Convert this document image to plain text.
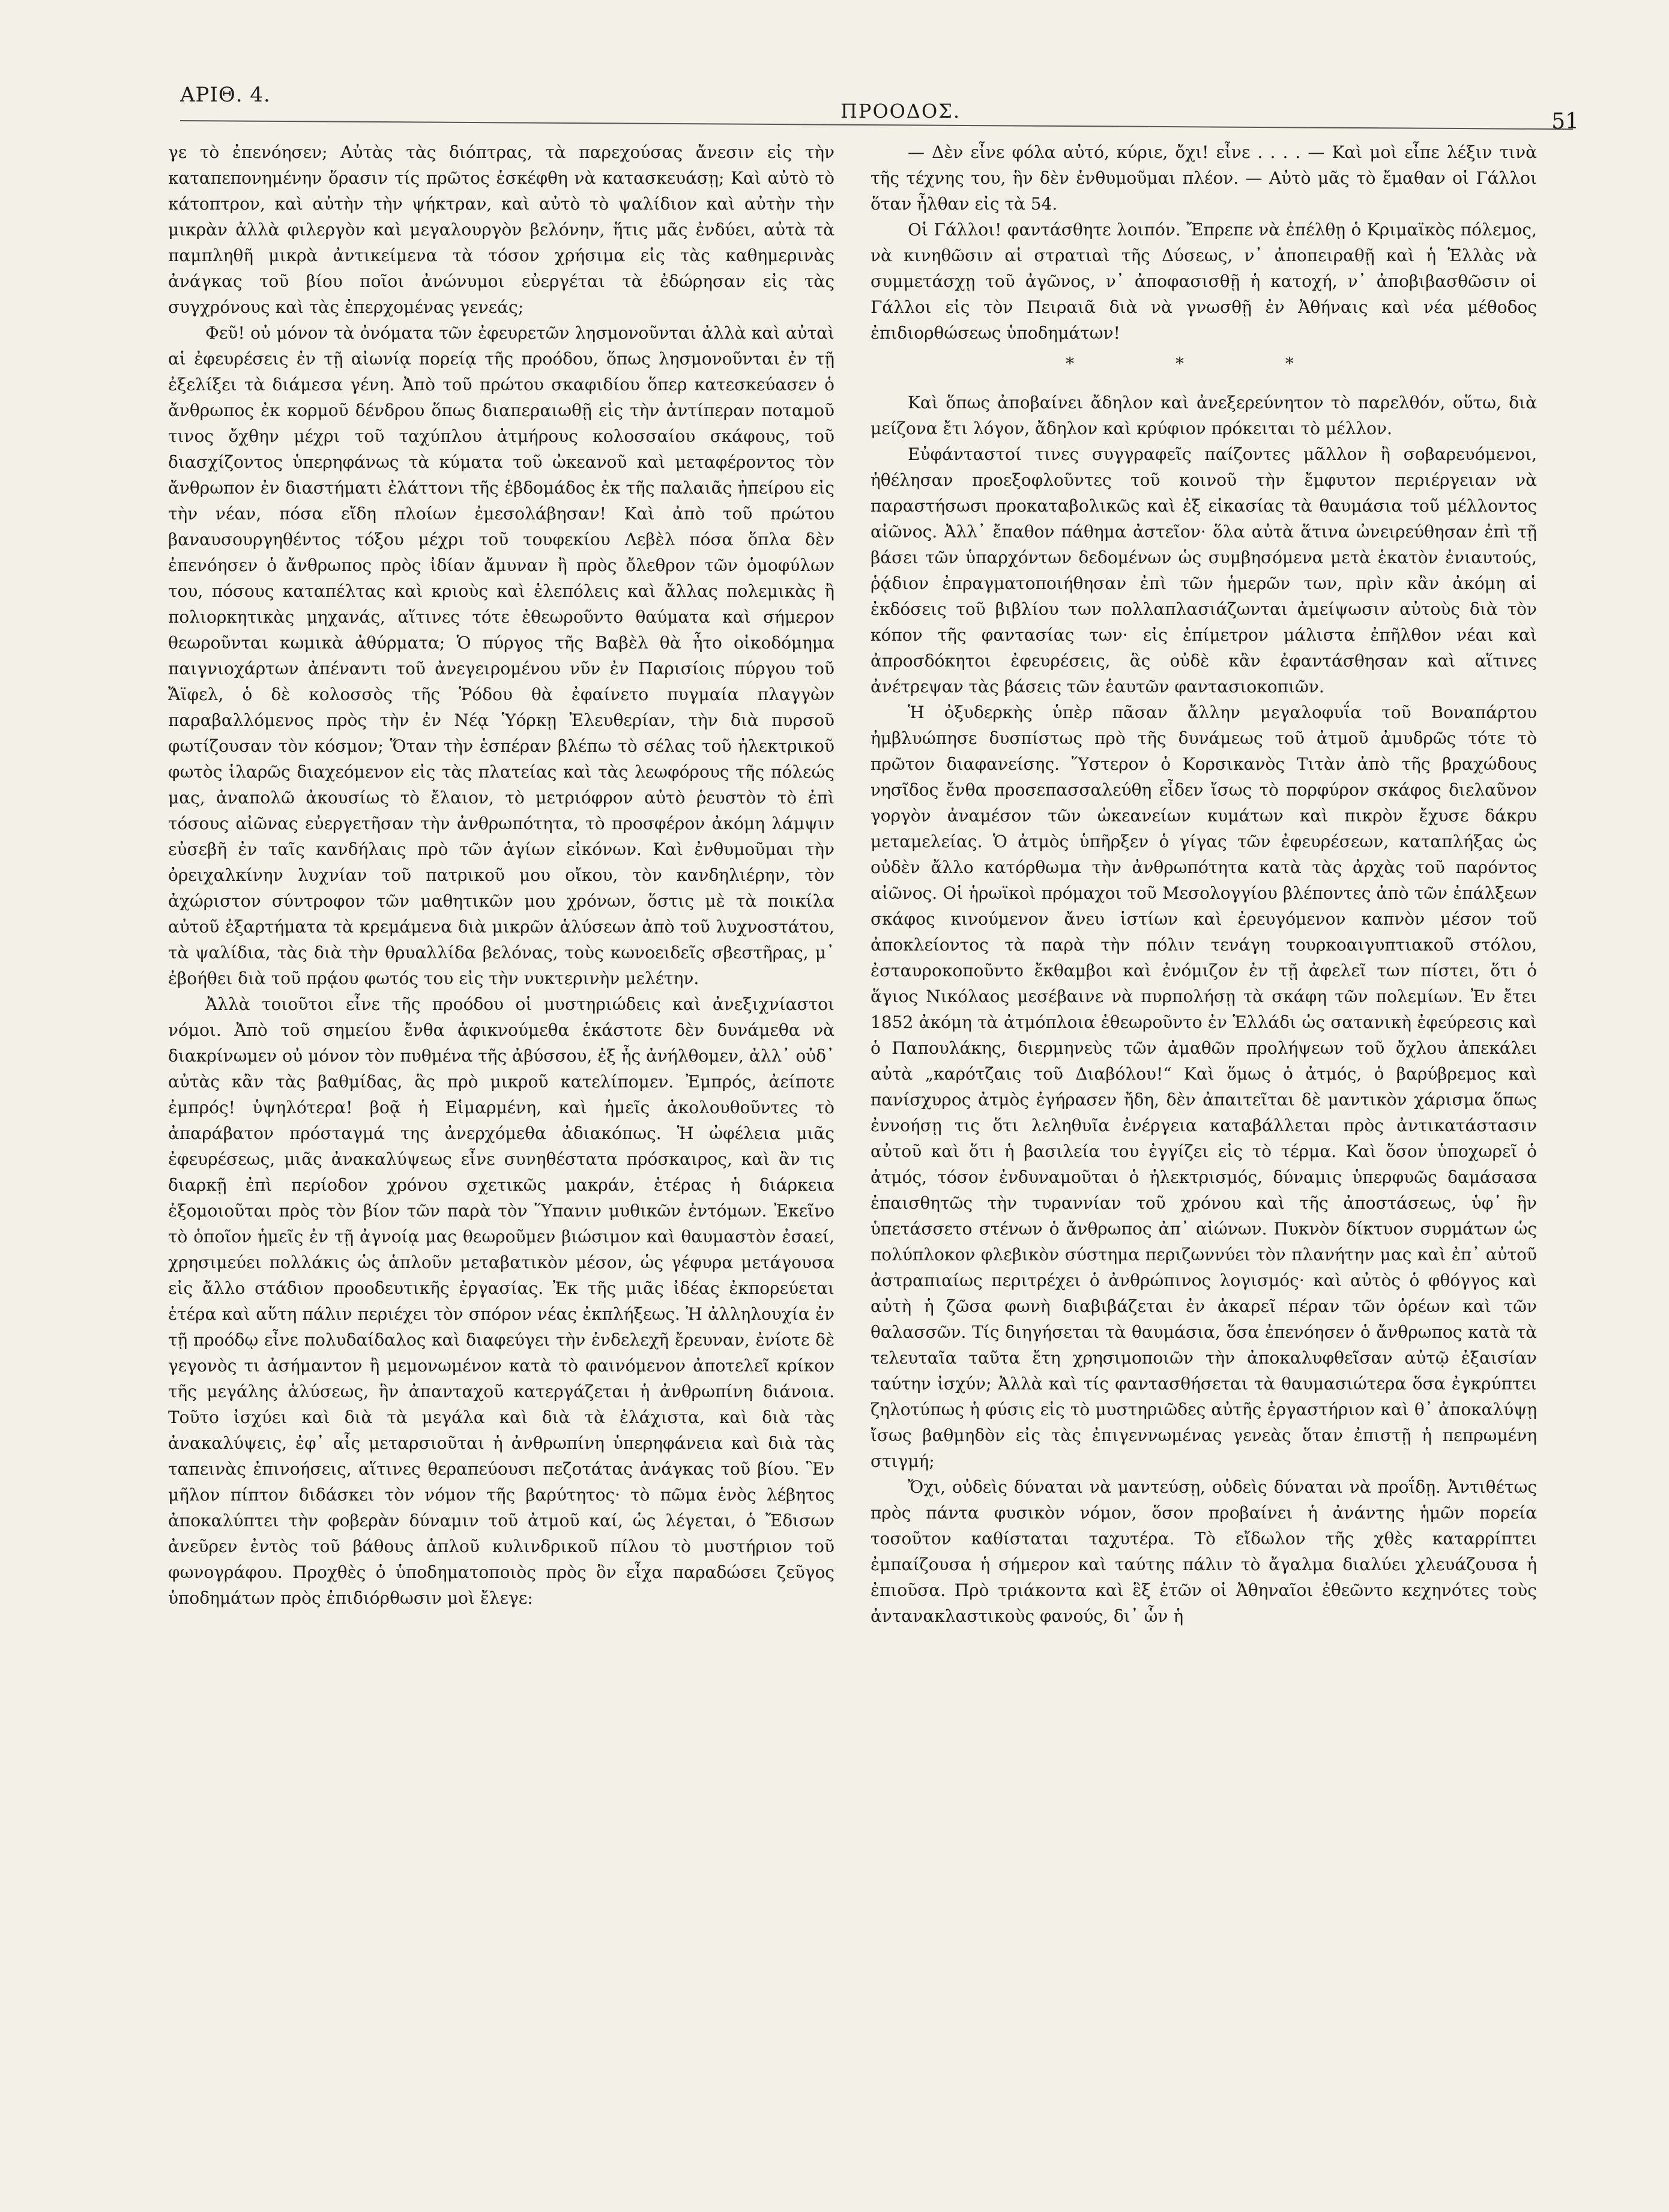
ΑΡΙΘ. 4.
ΠΡΟΟΔΟΣ.	51

γε τὸ ἐπενόησεν; Αὐτὰς τὰς διόπτρας, τὰ παρεχούσας ἄνεσιν εἰς τὴν καταπεπονημένην ὅρασιν τίς πρῶτος ἐσκέφθη νὰ κατασκευάσῃ; Καὶ αὐτὸ τὸ κάτοπτρον, καὶ αὐτὴν τὴν ψήκτραν, καὶ αὐτὸ τὸ ψαλίδιον καὶ αὐτὴν τὴν μικρὰν ἀλλὰ φιλεργὸν καὶ μεγαλουργὸν βελόνην, ἥτις μᾶς ἐνδύει, αὐτὰ τὰ παμπληθῆ μικρὰ ἀντικείμενα τὰ τόσον χρήσιμα εἰς τὰς καθημερινὰς ἀνάγκας τοῦ βίου ποῖοι ἀνώνυμοι εὐεργέται τὰ ἐδώρησαν εἰς τὰς συγχρόνους καὶ τὰς ἐπερχομένας γενεάς;

Φεῦ! οὐ μόνον τὰ ὀνόματα τῶν ἐφευρετῶν λησμονοῦνται ἀλλὰ καὶ αὐταὶ αἱ ἐφευρέσεις ἐν τῇ αἰωνίᾳ πορείᾳ τῆς προόδου, ὅπως λησμονοῦνται ἐν τῇ ἐξελίξει τὰ διάμεσα γένη. Ἀπὸ τοῦ πρώτου σκαφιδίου ὅπερ κατεσκεύασεν ὁ ἄνθρωπος ἐκ κορμοῦ δένδρου ὅπως διαπεραιωθῇ εἰς τὴν ἀντίπεραν ποταμοῦ τινος ὄχθην μέχρι τοῦ ταχύπλου ἀτμήρους κολοσσαίου σκάφους, τοῦ διασχίζοντος ὑπερηφάνως τὰ κύματα τοῦ ὠκεανοῦ καὶ μεταφέροντος τὸν ἄνθρωπον ἐν διαστήματι ἐλάττονι τῆς ἑβδομάδος ἐκ τῆς παλαιᾶς ἠπείρου εἰς τὴν νέαν, πόσα εἴδη πλοίων ἐμεσολάβησαν! Καὶ ἀπὸ τοῦ πρώτου βαναυσουργηθέντος τόξου μέχρι τοῦ τουφεκίου Λεβὲλ πόσα ὅπλα δὲν ἐπενόησεν ὁ ἄνθρωπος πρὸς ἰδίαν ἄμυναν ἢ πρὸς ὄλεθρον τῶν ὁμοφύλων του, πόσους καταπέλτας καὶ κριοὺς καὶ ἑλεπόλεις καὶ ἄλλας πολεμικὰς ἢ πολιορκητικὰς μηχανάς, αἵτινες τότε ἐθεωροῦντο θαύματα καὶ σήμερον θεωροῦνται κωμικὰ ἀθύρματα; Ὁ πύργος τῆς Βαβὲλ θὰ ἦτο οἰκοδόμημα παιγνιοχάρτων ἀπέναντι τοῦ ἀνεγειρομένου νῦν ἐν Παρισίοις πύργου τοῦ Ἄϊφελ, ὁ δὲ κολοσσὸς τῆς Ῥόδου θὰ ἐφαίνετο πυγμαία πλαγγὼν παραβαλλόμενος πρὸς τὴν ἐν Νέᾳ Ὑόρκῃ Ἐλευθερίαν, τὴν διὰ πυρσοῦ φωτίζουσαν τὸν κόσμον; Ὅταν τὴν ἑσπέραν βλέπω τὸ σέλας τοῦ ἠλεκτρικοῦ φωτὸς ἱλαρῶς διαχεόμενον εἰς τὰς πλατείας καὶ τὰς λεωφόρους τῆς πόλεώς μας, ἀναπολῶ ἀκουσίως τὸ ἔλαιον, τὸ μετριόφρον αὐτὸ ῥευστὸν τὸ ἐπὶ τόσους αἰῶνας εὐεργετῆσαν τὴν ἀνθρωπότητα, τὸ προσφέρον ἀκόμη λάμψιν εὐσεβῆ ἐν ταῖς κανδήλαις πρὸ τῶν ἁγίων εἰκόνων. Καὶ ἐνθυμοῦμαι τὴν ὀρειχαλκίνην λυχνίαν τοῦ πατρικοῦ μου οἴκου, τὸν κανδηλιέρην, τὸν ἀχώριστον σύντροφον τῶν μαθητικῶν μου χρόνων, ὅστις μὲ τὰ ποικίλα αὐτοῦ ἐξαρτήματα τὰ κρεμάμενα διὰ μικρῶν ἁλύσεων ἀπὸ τοῦ λυχνοστάτου, τὰ ψαλίδια, τὰς διὰ τὴν θρυαλλίδα βελόνας, τοὺς κωνοειδεῖς σβεστῆρας, μ᾿ ἐβοήθει διὰ τοῦ πρᾴου φωτός του εἰς τὴν νυκτερινὴν μελέτην.

Ἀλλὰ τοιοῦτοι εἶνε τῆς προόδου οἱ μυστηριώδεις καὶ ἀνεξιχνίαστοι νόμοι. Ἀπὸ τοῦ σημείου ἔνθα ἀφικνούμεθα ἑκάστοτε δὲν δυνάμεθα νὰ διακρίνωμεν οὐ μόνον τὸν πυθμένα τῆς ἀβύσσου, ἐξ ἧς ἀνήλθομεν, ἀλλ᾿ οὐδ᾿ αὐτὰς κἂν τὰς βαθμίδας, ἃς πρὸ μικροῦ κατελίπομεν. Ἐμπρός, ἀείποτε ἐμπρός! ὑψηλότερα! βοᾷ ἡ Εἱμαρμένη, καὶ ἡμεῖς ἀκολουθοῦντες τὸ ἀπαράβατον πρόσταγμά της ἀνερχόμεθα ἀδιακόπως. Ἡ ὠφέλεια μιᾶς ἐφευρέσεως, μιᾶς ἀνακαλύψεως εἶνε συνηθέστατα πρόσκαιρος, καὶ ἂν τις διαρκῇ ἐπὶ περίοδον χρόνου σχετικῶς μακράν, ἑτέρας ἡ διάρκεια ἐξομοιοῦται πρὸς τὸν βίον τῶν παρὰ τὸν Ὕπανιν μυθικῶν ἐντόμων. Ἐκεῖνο τὸ ὁποῖον ἡμεῖς ἐν τῇ ἀγνοίᾳ μας θεωροῦμεν βιώσιμον καὶ θαυμαστὸν ἐσαεί, χρησιμεύει πολλάκις ὡς ἁπλοῦν μεταβατικὸν μέσον, ὡς γέφυρα μετάγουσα εἰς ἄλλο στάδιον προοδευτικῆς ἐργασίας. Ἐκ τῆς μιᾶς ἰδέας ἐκπορεύεται ἑτέρα καὶ αὕτη πάλιν περιέχει τὸν σπόρον νέας ἐκπλήξεως. Ἡ ἀλληλουχία ἐν τῇ προόδῳ εἶνε πολυδαίδαλος καὶ διαφεύγει τὴν ἐνδελεχῆ ἔρευναν, ἐνίοτε δὲ γεγονὸς τι ἀσήμαντον ἢ μεμονωμένον κατὰ τὸ φαινόμενον ἀποτελεῖ κρίκον τῆς μεγάλης ἁλύσεως, ἣν ἀπανταχοῦ κατεργάζεται ἡ ἀνθρωπίνη διάνοια. Τοῦτο ἰσχύει καὶ διὰ τὰ μεγάλα καὶ διὰ τὰ ἐλάχιστα, καὶ διὰ τὰς ἀνακαλύψεις, ἐφ᾿ αἷς μεταρσιοῦται ἡ ἀνθρωπίνη ὑπερηφάνεια καὶ διὰ τὰς ταπεινὰς ἐπινοήσεις, αἵτινες θεραπεύουσι πεζοτάτας ἀνάγκας τοῦ βίου. Ἓν μῆλον πίπτον διδάσκει τὸν νόμον τῆς βαρύτητος· τὸ πῶμα ἑνὸς λέβητος ἀποκαλύπτει τὴν φοβερὰν δύναμιν τοῦ ἀτμοῦ καί, ὡς λέγεται, ὁ Ἔδισων ἀνεῦρεν ἐντὸς τοῦ βάθους ἁπλοῦ κυλινδρικοῦ πίλου τὸ μυστήριον τοῦ φωνογράφου. Προχθὲς ὁ ὑποδηματοποιὸς πρὸς ὃν εἶχα παραδώσει ζεῦγος ὑποδημάτων πρὸς ἐπιδιόρθωσιν μοὶ ἔλεγε:

— Δὲν εἶνε φόλα αὐτό, κύριε, ὄχι! εἶνε . . . . — Καὶ μοὶ εἶπε λέξιν τινὰ τῆς τέχνης του, ἣν δὲν ἐνθυμοῦμαι πλέον. — Αὐτὸ μᾶς τὸ ἔμαθαν οἱ Γάλλοι ὅταν ἦλθαν εἰς τὰ 54.

Οἱ Γάλλοι! φαντάσθητε λοιπόν. Ἔπρεπε νὰ ἐπέλθῃ ὁ Κριμαϊκὸς πόλεμος, νὰ κινηθῶσιν αἱ στρατιαὶ τῆς Δύσεως, ν᾿ ἀποπειραθῇ καὶ ἡ Ἑλλὰς νὰ συμμετάσχῃ τοῦ ἀγῶνος, ν᾿ ἀποφασισθῇ ἡ κατοχή, ν᾿ ἀποβιβασθῶσιν οἱ Γάλλοι εἰς τὸν Πειραιᾶ διὰ νὰ γνωσθῇ ἐν Ἀθήναις καὶ νέα μέθοδος ἐπιδιορθώσεως ὑποδημάτων!

* * *

Καὶ ὅπως ἀποβαίνει ἄδηλον καὶ ἀνεξερεύνητον τὸ παρελθόν, οὕτω, διὰ μείζονα ἔτι λόγον, ἄδηλον καὶ κρύφιον πρόκειται τὸ μέλλον.

Εὐφάνταστοί τινες συγγραφεῖς παίζοντες μᾶλλον ἢ σοβαρευόμενοι, ἠθέλησαν προεξοφλοῦντες τοῦ κοινοῦ τὴν ἔμφυτον περιέργειαν νὰ παραστήσωσι προκαταβολικῶς καὶ ἐξ εἰκασίας τὰ θαυμάσια τοῦ μέλλοντος αἰῶνος. Ἀλλ᾿ ἔπαθον πάθημα ἀστεῖον· ὅλα αὐτὰ ἅτινα ὠνειρεύθησαν ἐπὶ τῇ βάσει τῶν ὑπαρχόντων δεδομένων ὡς συμβησόμενα μετὰ ἑκατὸν ἐνιαυτούς, ῥᾴδιον ἐπραγματοποιήθησαν ἐπὶ τῶν ἡμερῶν των, πρὶν κἂν ἀκόμη αἱ ἐκδόσεις τοῦ βιβλίου των πολλαπλασιάζωνται ἀμείψωσιν αὐτοὺς διὰ τὸν κόπον τῆς φαντασίας των· εἰς ἐπίμετρον μάλιστα ἐπῆλθον νέαι καὶ ἀπροσδόκητοι ἐφευρέσεις, ἃς οὐδὲ κἂν ἐφαντάσθησαν καὶ αἵτινες ἀνέτρεψαν τὰς βάσεις τῶν ἑαυτῶν φαντασιοκοπιῶν.

Ἡ ὀξυδερκὴς ὑπὲρ πᾶσαν ἄλλην μεγαλοφυΐα τοῦ Βοναπάρτου ἠμβλυώπησε δυσπίστως πρὸ τῆς δυνάμεως τοῦ ἀτμοῦ ἀμυδρῶς τότε τὸ πρῶτον διαφανείσης. Ὕστερον ὁ Κορσικανὸς Τιτὰν ἀπὸ τῆς βραχώδους νησῖδος ἔνθα προσεπασσαλεύθη εἶδεν ἴσως τὸ πορφύρον σκάφος διελαῦνον γοργὸν ἀναμέσον τῶν ὠκεανείων κυμάτων καὶ πικρὸν ἔχυσε δάκρυ μεταμελείας. Ὁ ἀτμὸς ὑπῆρξεν ὁ γίγας τῶν ἐφευρέσεων, καταπλήξας ὡς οὐδὲν ἄλλο κατόρθωμα τὴν ἀνθρωπότητα κατὰ τὰς ἀρχὰς τοῦ παρόντος αἰῶνος. Οἱ ἡρωϊκοὶ πρόμαχοι τοῦ Μεσολογγίου βλέποντες ἀπὸ τῶν ἐπάλξεων σκάφος κινούμενον ἄνευ ἱστίων καὶ ἐρευγόμενον καπνὸν μέσον τοῦ ἀποκλείοντος τὰ παρὰ τὴν πόλιν τενάγη τουρκοαιγυπτιακοῦ στόλου, ἐσταυροκοποῦντο ἔκθαμβοι καὶ ἐνόμιζον ἐν τῇ ἀφελεῖ των πίστει, ὅτι ὁ ἅγιος Νικόλαος μεσέβαινε νὰ πυρπολήσῃ τὰ σκάφη τῶν πολεμίων. Ἐν ἔτει 1852 ἀκόμη τὰ ἀτμόπλοια ἐθεωροῦντο ἐν Ἑλλάδι ὡς σατανικὴ ἐφεύρεσις καὶ ὁ Παπουλάκης, διερμηνεὺς τῶν ἀμαθῶν προλήψεων τοῦ ὄχλου ἀπεκάλει αὐτὰ „καρότζαις τοῦ Διαβόλου!“ Καὶ ὅμως ὁ ἀτμός, ὁ βαρύβρεμος καὶ πανίσχυρος ἀτμὸς ἐγήρασεν ἤδη, δὲν ἀπαιτεῖται δὲ μαντικὸν χάρισμα ὅπως ἐννοήσῃ τις ὅτι λεληθυῖα ἐνέργεια καταβάλλεται πρὸς ἀντικατάστασιν αὐτοῦ καὶ ὅτι ἡ βασιλεία του ἐγγίζει εἰς τὸ τέρμα. Καὶ ὅσον ὑποχωρεῖ ὁ ἀτμός, τόσον ἐνδυναμοῦται ὁ ἠλεκτρισμός, δύναμις ὑπερφυῶς δαμάσασα ἐπαισθητῶς τὴν τυραννίαν τοῦ χρόνου καὶ τῆς ἀποστάσεως, ὑφ᾿ ἣν ὑπετάσσετο στένων ὁ ἄνθρωπος ἀπ᾿ αἰώνων. Πυκνὸν δίκτυον συρμάτων ὡς πολύπλοκον φλεβικὸν σύστημα περιζωννύει τὸν πλανήτην μας καὶ ἐπ᾿ αὐτοῦ ἀστραπιαίως περιτρέχει ὁ ἀνθρώπινος λογισμός· καὶ αὐτὸς ὁ φθόγγος καὶ αὐτὴ ἡ ζῶσα φωνὴ διαβιβάζεται ἐν ἀκαρεῖ πέραν τῶν ὀρέων καὶ τῶν θαλασσῶν. Τίς διηγήσεται τὰ θαυμάσια, ὅσα ἐπενόησεν ὁ ἄνθρωπος κατὰ τὰ τελευταῖα ταῦτα ἔτη χρησιμοποιῶν τὴν ἀποκαλυφθεῖσαν αὐτῷ ἐξαισίαν ταύτην ἰσχύν; Ἀλλὰ καὶ τίς φαντασθήσεται τὰ θαυμασιώτερα ὅσα ἐγκρύπτει ζηλοτύπως ἡ φύσις εἰς τὸ μυστηριῶδες αὐτῆς ἐργαστήριον καὶ θ᾿ ἀποκαλύψῃ ἴσως βαθμηδὸν εἰς τὰς ἐπιγεννωμένας γενεὰς ὅταν ἐπιστῇ ἡ πεπρωμένη στιγμή;

Ὄχι, οὐδεὶς δύναται νὰ μαντεύσῃ, οὐδεὶς δύναται νὰ προΐδῃ. Ἀντιθέτως πρὸς πάντα φυσικὸν νόμον, ὅσον προβαίνει ἡ ἀνάντης ἡμῶν πορεία τοσοῦτον καθίσταται ταχυτέρα. Τὸ εἴδωλον τῆς χθὲς καταρρίπτει ἐμπαίζουσα ἡ σήμερον καὶ ταύτης πάλιν τὸ ἄγαλμα διαλύει χλευάζουσα ἡ ἐπιοῦσα. Πρὸ τριάκοντα καὶ ἓξ ἐτῶν οἱ Ἀθηναῖοι ἐθεῶντο κεχηνότες τοὺς ἀντανακλαστικοὺς φανούς, δι᾿ ὧν ἡ
